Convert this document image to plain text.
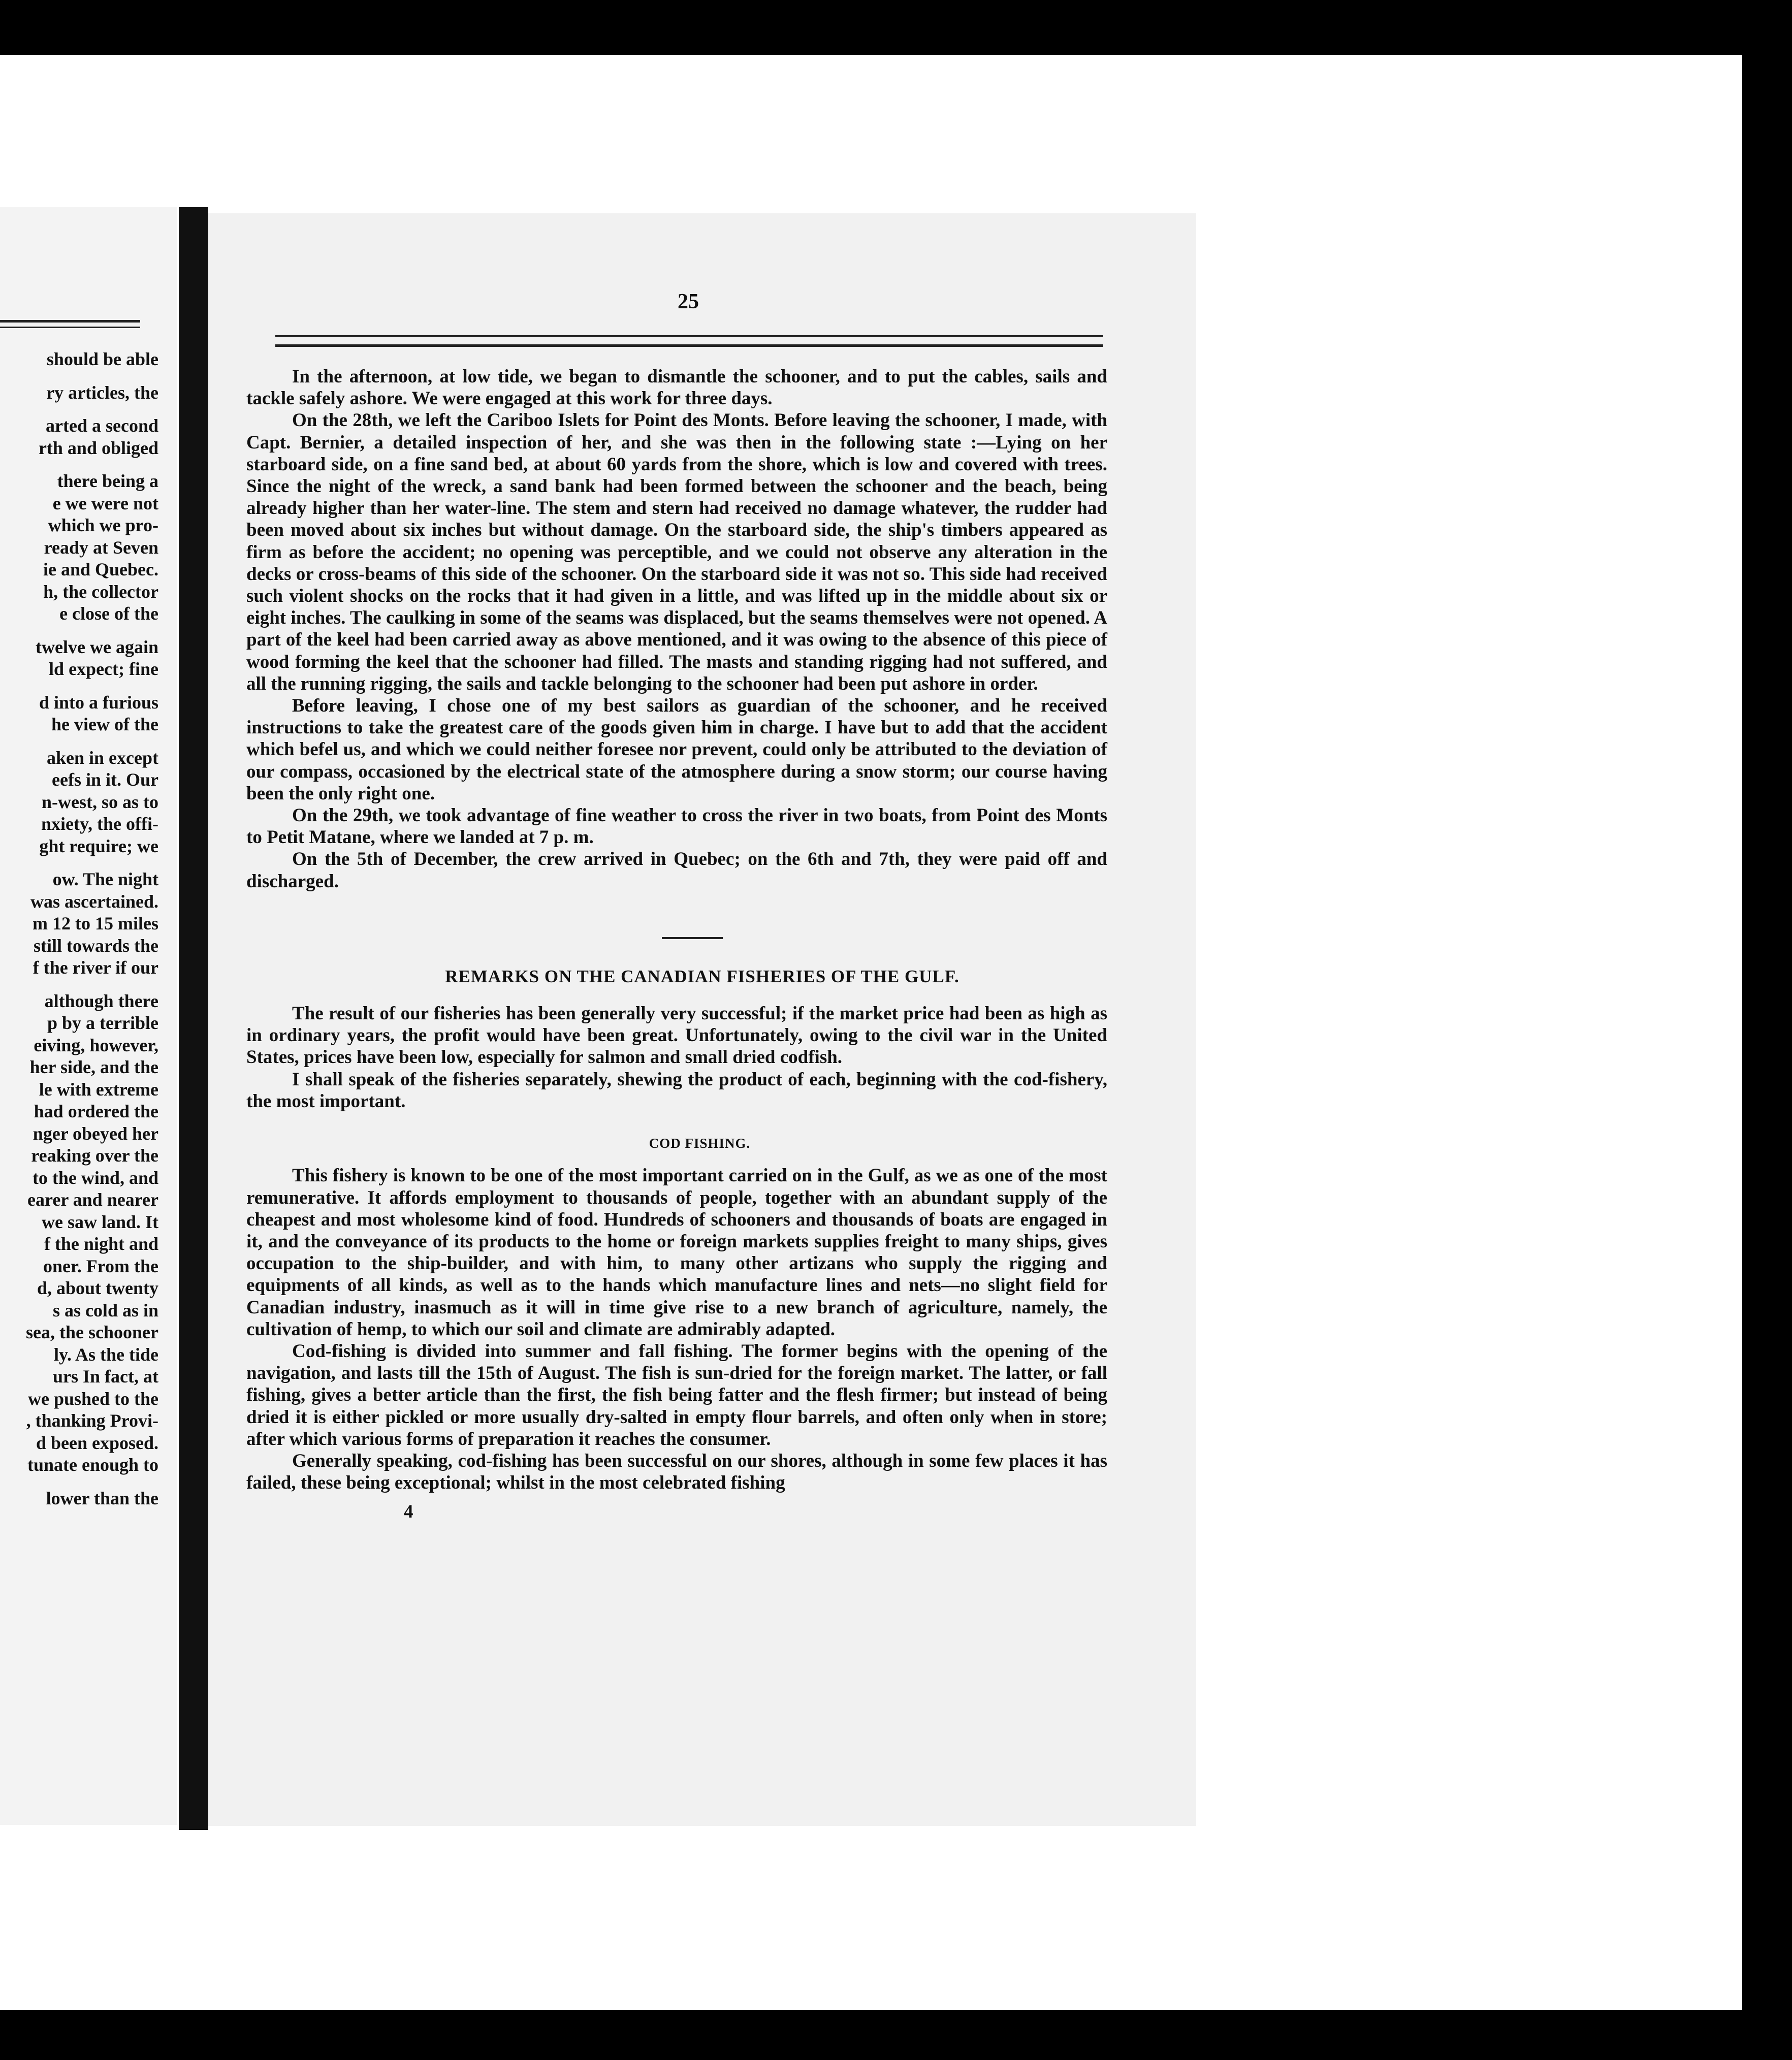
should be able
ry articles, the
arted a second
rth and obliged
there being a
e we were not
which we pro-
ready at Seven
ie and Quebec.
h, the collector
e close of the
twelve we again
ld expect; fine
d into a furious
he view of the
aken in except
eefs in it. Our
n-west, so as to
nxiety, the offi-
ght require; we
ow. The night
was ascertained.
m 12 to 15 miles
still towards the
f the river if our
although there
p by a terrible
eiving, however,
her side, and the
le with extreme
had ordered the
nger obeyed her
reaking over the
to the wind, and
earer and nearer
we saw land. It
f the night and
oner. From the
d, about twenty
s as cold as in
sea, the schooner
ly. As the tide
urs In fact, at
we pushed to the
, thanking Provi-
d been exposed.
tunate enough to
lower than the
25

In the afternoon, at low tide, we began to dismantle the schooner, and to put the cables, sails and tackle safely ashore. We were engaged at this work for three days.

On the 28th, we left the Cariboo Islets for Point des Monts. Before leaving the schooner, I made, with Capt. Bernier, a detailed inspection of her, and she was then in the following state :—Lying on her starboard side, on a fine sand bed, at about 60 yards from the shore, which is low and covered with trees. Since the night of the wreck, a sand bank had been formed between the schooner and the beach, being already higher than her water-line. The stem and stern had received no damage whatever, the rudder had been moved about six inches but without damage. On the starboard side, the ship's timbers appeared as firm as before the accident; no opening was perceptible, and we could not observe any alteration in the decks or cross-beams of this side of the schooner. On the starboard side it was not so. This side had received such violent shocks on the rocks that it had given in a little, and was lifted up in the middle about six or eight inches. The caulking in some of the seams was displaced, but the seams themselves were not opened. A part of the keel had been carried away as above mentioned, and it was owing to the absence of this piece of wood forming the keel that the schooner had filled. The masts and standing rigging had not suffered, and all the running rigging, the sails and tackle belonging to the schooner had been put ashore in order.

Before leaving, I chose one of my best sailors as guardian of the schooner, and he received instructions to take the greatest care of the goods given him in charge. I have but to add that the accident which befel us, and which we could neither foresee nor prevent, could only be attributed to the deviation of our compass, occasioned by the electrical state of the atmosphere during a snow storm; our course having been the only right one.

On the 29th, we took advantage of fine weather to cross the river in two boats, from Point des Monts to Petit Matane, where we landed at 7 p. m.

On the 5th of December, the crew arrived in Quebec; on the 6th and 7th, they were paid off and discharged.

REMARKS ON THE CANADIAN FISHERIES OF THE GULF.

The result of our fisheries has been generally very successful; if the market price had been as high as in ordinary years, the profit would have been great. Unfortunately, owing to the civil war in the United States, prices have been low, especially for salmon and small dried codfish.

I shall speak of the fisheries separately, shewing the product of each, beginning with the cod-fishery, the most important.

COD FISHING.

This fishery is known to be one of the most important carried on in the Gulf, as we as one of the most remunerative. It affords employment to thousands of people, together with an abundant supply of the cheapest and most wholesome kind of food. Hundreds of schooners and thousands of boats are engaged in it, and the conveyance of its products to the home or foreign markets supplies freight to many ships, gives occupation to the ship-builder, and with him, to many other artizans who supply the rigging and equipments of all kinds, as well as to the hands which manufacture lines and nets—no slight field for Canadian industry, inasmuch as it will in time give rise to a new branch of agriculture, namely, the cultivation of hemp, to which our soil and climate are admirably adapted.

Cod-fishing is divided into summer and fall fishing. The former begins with the opening of the navigation, and lasts till the 15th of August. The fish is sun-dried for the foreign market. The latter, or fall fishing, gives a better article than the first, the fish being fatter and the flesh firmer; but instead of being dried it is either pickled or more usually dry-salted in empty flour barrels, and often only when in store; after which various forms of preparation it reaches the consumer.

Generally speaking, cod-fishing has been successful on our shores, although in some few places it has failed, these being exceptional; whilst in the most celebrated fishing

4
